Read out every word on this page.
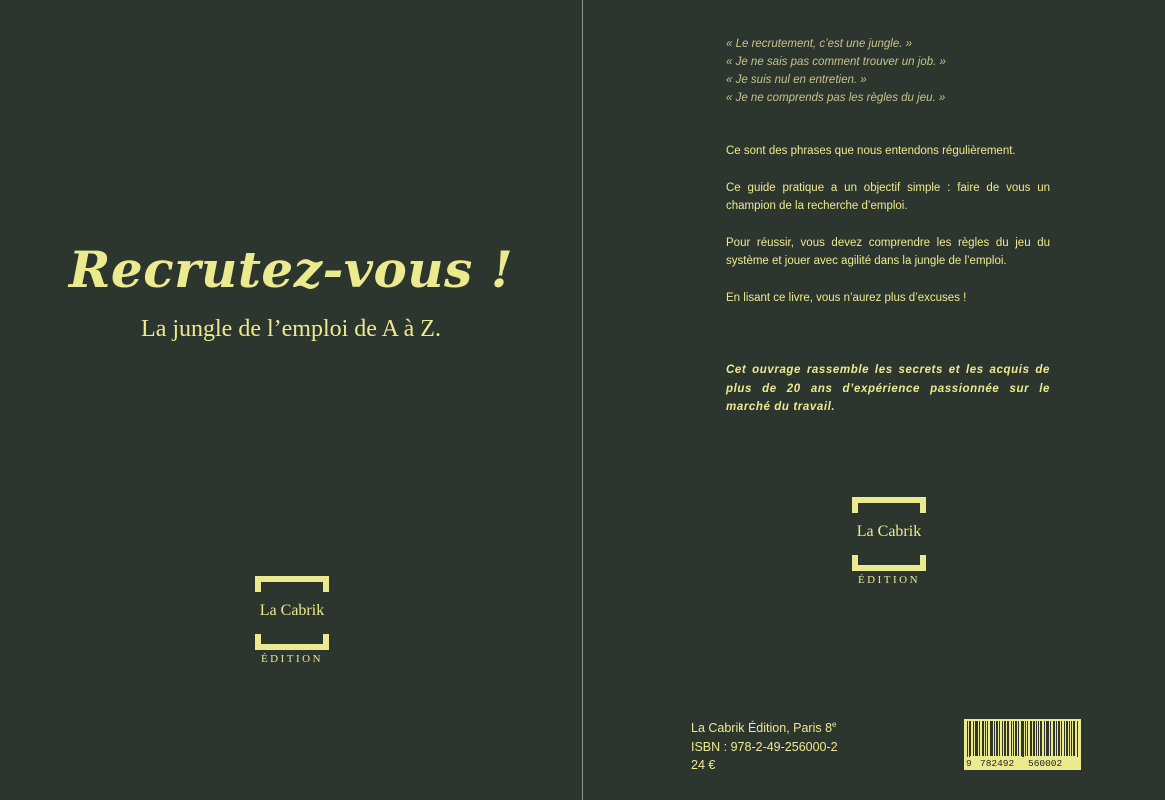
Recrutez-vous !
La jungle de l’emploi de A à Z.
La Cabrik
ÉDITION
« Le recrutement, c’est une jungle. »
« Je ne sais pas comment trouver un job. »
« Je suis nul en entretien. »
« Je ne comprends pas les règles du jeu. »

Ce sont des phrases que nous entendons régulièrement.

Ce guide pratique a un objectif simple : faire de vous un champion de la recherche d’emploi.

Pour réussir, vous devez comprendre les règles du jeu du système et jouer avec agilité dans la jungle de l’emploi.

En lisant ce livre, vous n’aurez plus d’excuses !

Cet ouvrage rassemble les secrets et les acquis de plus de 20 ans d’expérience passionnée sur le marché du travail.

La Cabrik
ÉDITION
La Cabrik Édition, Paris 8e
ISBN : 978-2-49-256000-2
24 €	9 782492 560002
